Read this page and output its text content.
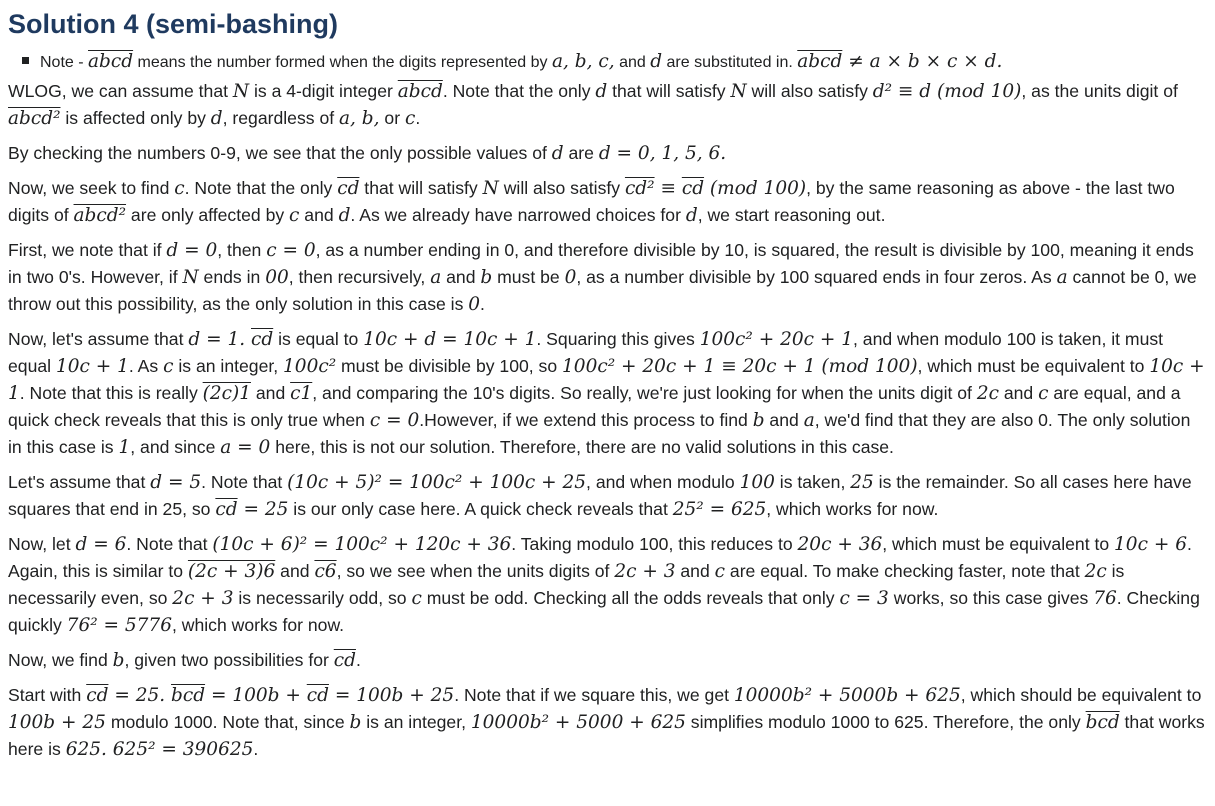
Solution 4 (semi-bashing)
Note - abcd means the number formed when the digits represented by a, b, c, and d are substituted in. abcd ≠ a × b × c × d.

WLOG, we can assume that N is a 4-digit integer abcd. Note that the only d that will satisfy N will also satisfy d² ≡ d (mod 10), as the units digit of abcd² is affected only by d, regardless of a, b, or c.

By checking the numbers 0-9, we see that the only possible values of d are d = 0, 1, 5, 6.

Now, we seek to find c. Note that the only $\overline{cd}$ that will satisfy N will also satisfy $cd^2 \equiv \overline{cd}$ (mod 100), by the same reasoning as above - the last two digits of abcd² are only affected by c and d. As we already have narrowed choices for d, we start reasoning out.

First, we note that if d = 0, then c = 0, as a number ending in 0, and therefore divisible by 10, is squared, the result is divisible by 100, meaning it ends in two 0's. However, if N ends in 00, then recursively, a and b must be 0, as a number divisible by 100 squared ends in four zeros. As a cannot be 0, we throw out this possibility, as the only solution in this case is 0.

Now, let's assume that d = 1. $\overline{cd}$ is equal to 10c + d = 10c + 1. Squaring this gives 100c² + 20c + 1, and when modulo 100 is taken, it must equal 10c + 1. As c is an integer, 100c² must be divisible by 100, so 100c² + 20c + 1 ≡ 20c + 1 (mod 100), which must be equivalent to 10c + 1. Note that this is really (2c)1 and c1, and comparing the 10's digits. So really, we're just looking for when the units digit of 2c and c are equal, and a quick check reveals that this is only true when c = 0.However, if we extend this process to find b and a, we'd find that they are also 0. The only solution in this case is 1, and since a = 0 here, this is not our solution. Therefore, there are no valid solutions in this case.

Let's assume that d = 5. Note that (10c + 5)² = 100c² + 100c + 25, and when modulo 100 is taken, 25 is the remainder. So all cases here have squares that end in 25, so $\overline{cd} = 25$ is our only case here. A quick check reveals that 25² = 625, which works for now.

Now, let d = 6. Note that (10c + 6)² = 100c² + 120c + 36. Taking modulo 100, this reduces to 20c + 36, which must be equivalent to 10c + 6. Again, this is similar to (2c + 3)6 and c6, so we see when the units digits of 2c + 3 and c are equal. To make checking faster, note that 2c is necessarily even, so 2c + 3 is necessarily odd, so c must be odd. Checking all the odds reveals that only c = 3 works, so this case gives 76. Checking quickly 76² = 5776, which works for now.

Now, we find b, given two possibilities for $\overline{cd}$.

Start with $\overline{cd} = 25$. $\overline{bcd} = 100b + \overline{cd} = 100b + 25$. Note that if we square this, we get 10000b² + 5000b + 625, which should be equivalent to 100b + 25 modulo 1000. Note that, since b is an integer, 10000b² + 5000 + 625 simplifies modulo 1000 to 625. Therefore, the only $\overline{bcd}$ that works here is 625. 625² = 390625.
